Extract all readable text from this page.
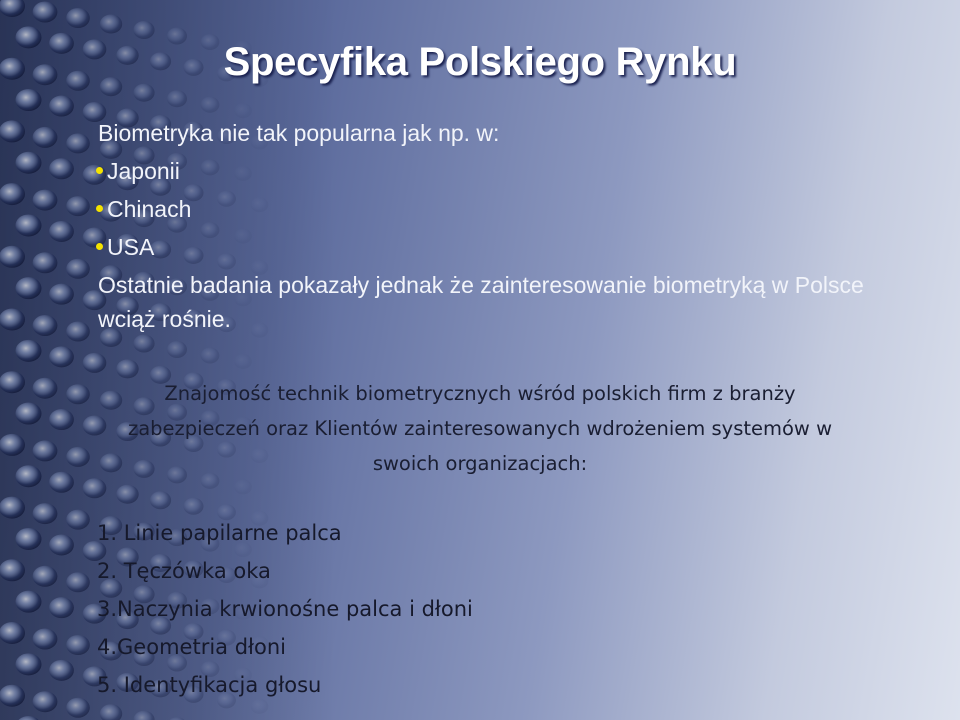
Specyfika Polskiego Rynku
Biometryka nie tak popularna jak np. w:
Japonii
Chinach
USA
Ostatnie badania pokazały jednak że zainteresowanie biometryką w Polsce wciąż rośnie.
Znajomość technik biometrycznych wśród polskich firm z branży zabezpieczeń oraz Klientów zainteresowanych wdrożeniem systemów w swoich organizacjach:
1. Linie papilarne palca
2. Tęczówka oka
3.Naczynia krwionośne palca i dłoni
4.Geometria dłoni
5. Identyfikacja głosu
